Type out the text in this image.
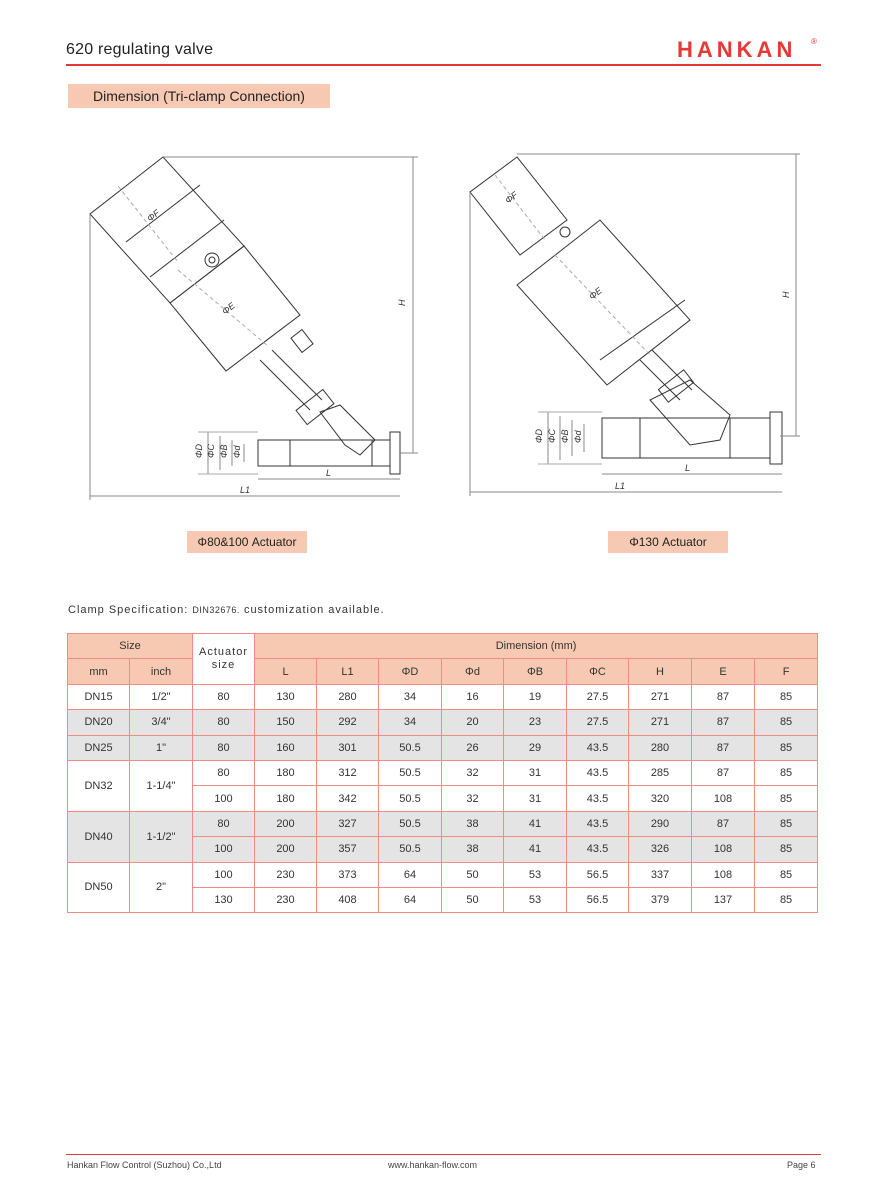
620 regulating valve	HANKAN ®
Dimension (Tri-clamp Connection)
ΦF
ΦE	H
L
L1
ΦD ΦC ΦB Φd
ΦF
ΦE	H
L
L1
ΦD ΦC ΦB Φd
Φ80&100 Actuator	Φ130 Actuator
Clamp Specification: DIN32676. customization available.
Size		Actuator size	Dimension (mm)								
mm	inch		L	L1	ΦD	Φd	ΦB	ΦC	H	E	F
DN15	1/2"	80	130	280	34	16	19	27.5	271	87	85
DN20	3/4"	80	150	292	34	20	23	27.5	271	87	85
DN25	1"	80	160	301	50.5	26	29	43.5	280	87	85
DN32	1-1/4"	80	180	312	50.5	32	31	43.5	285	87	85
		100	180	342	50.5	32	31	43.5	320	108	85
DN40	1-1/2"	80	200	327	50.5	38	41	43.5	290	87	85
		100	200	357	50.5	38	41	43.5	326	108	85
DN50	2"	100	230	373	64	50	53	56.5	337	108	85
		130	230	408	64	50	53	56.5	379	137	85
Hankan Flow Control (Suzhou) Co.,Ltd	www.hankan-flow.com	Page 6
